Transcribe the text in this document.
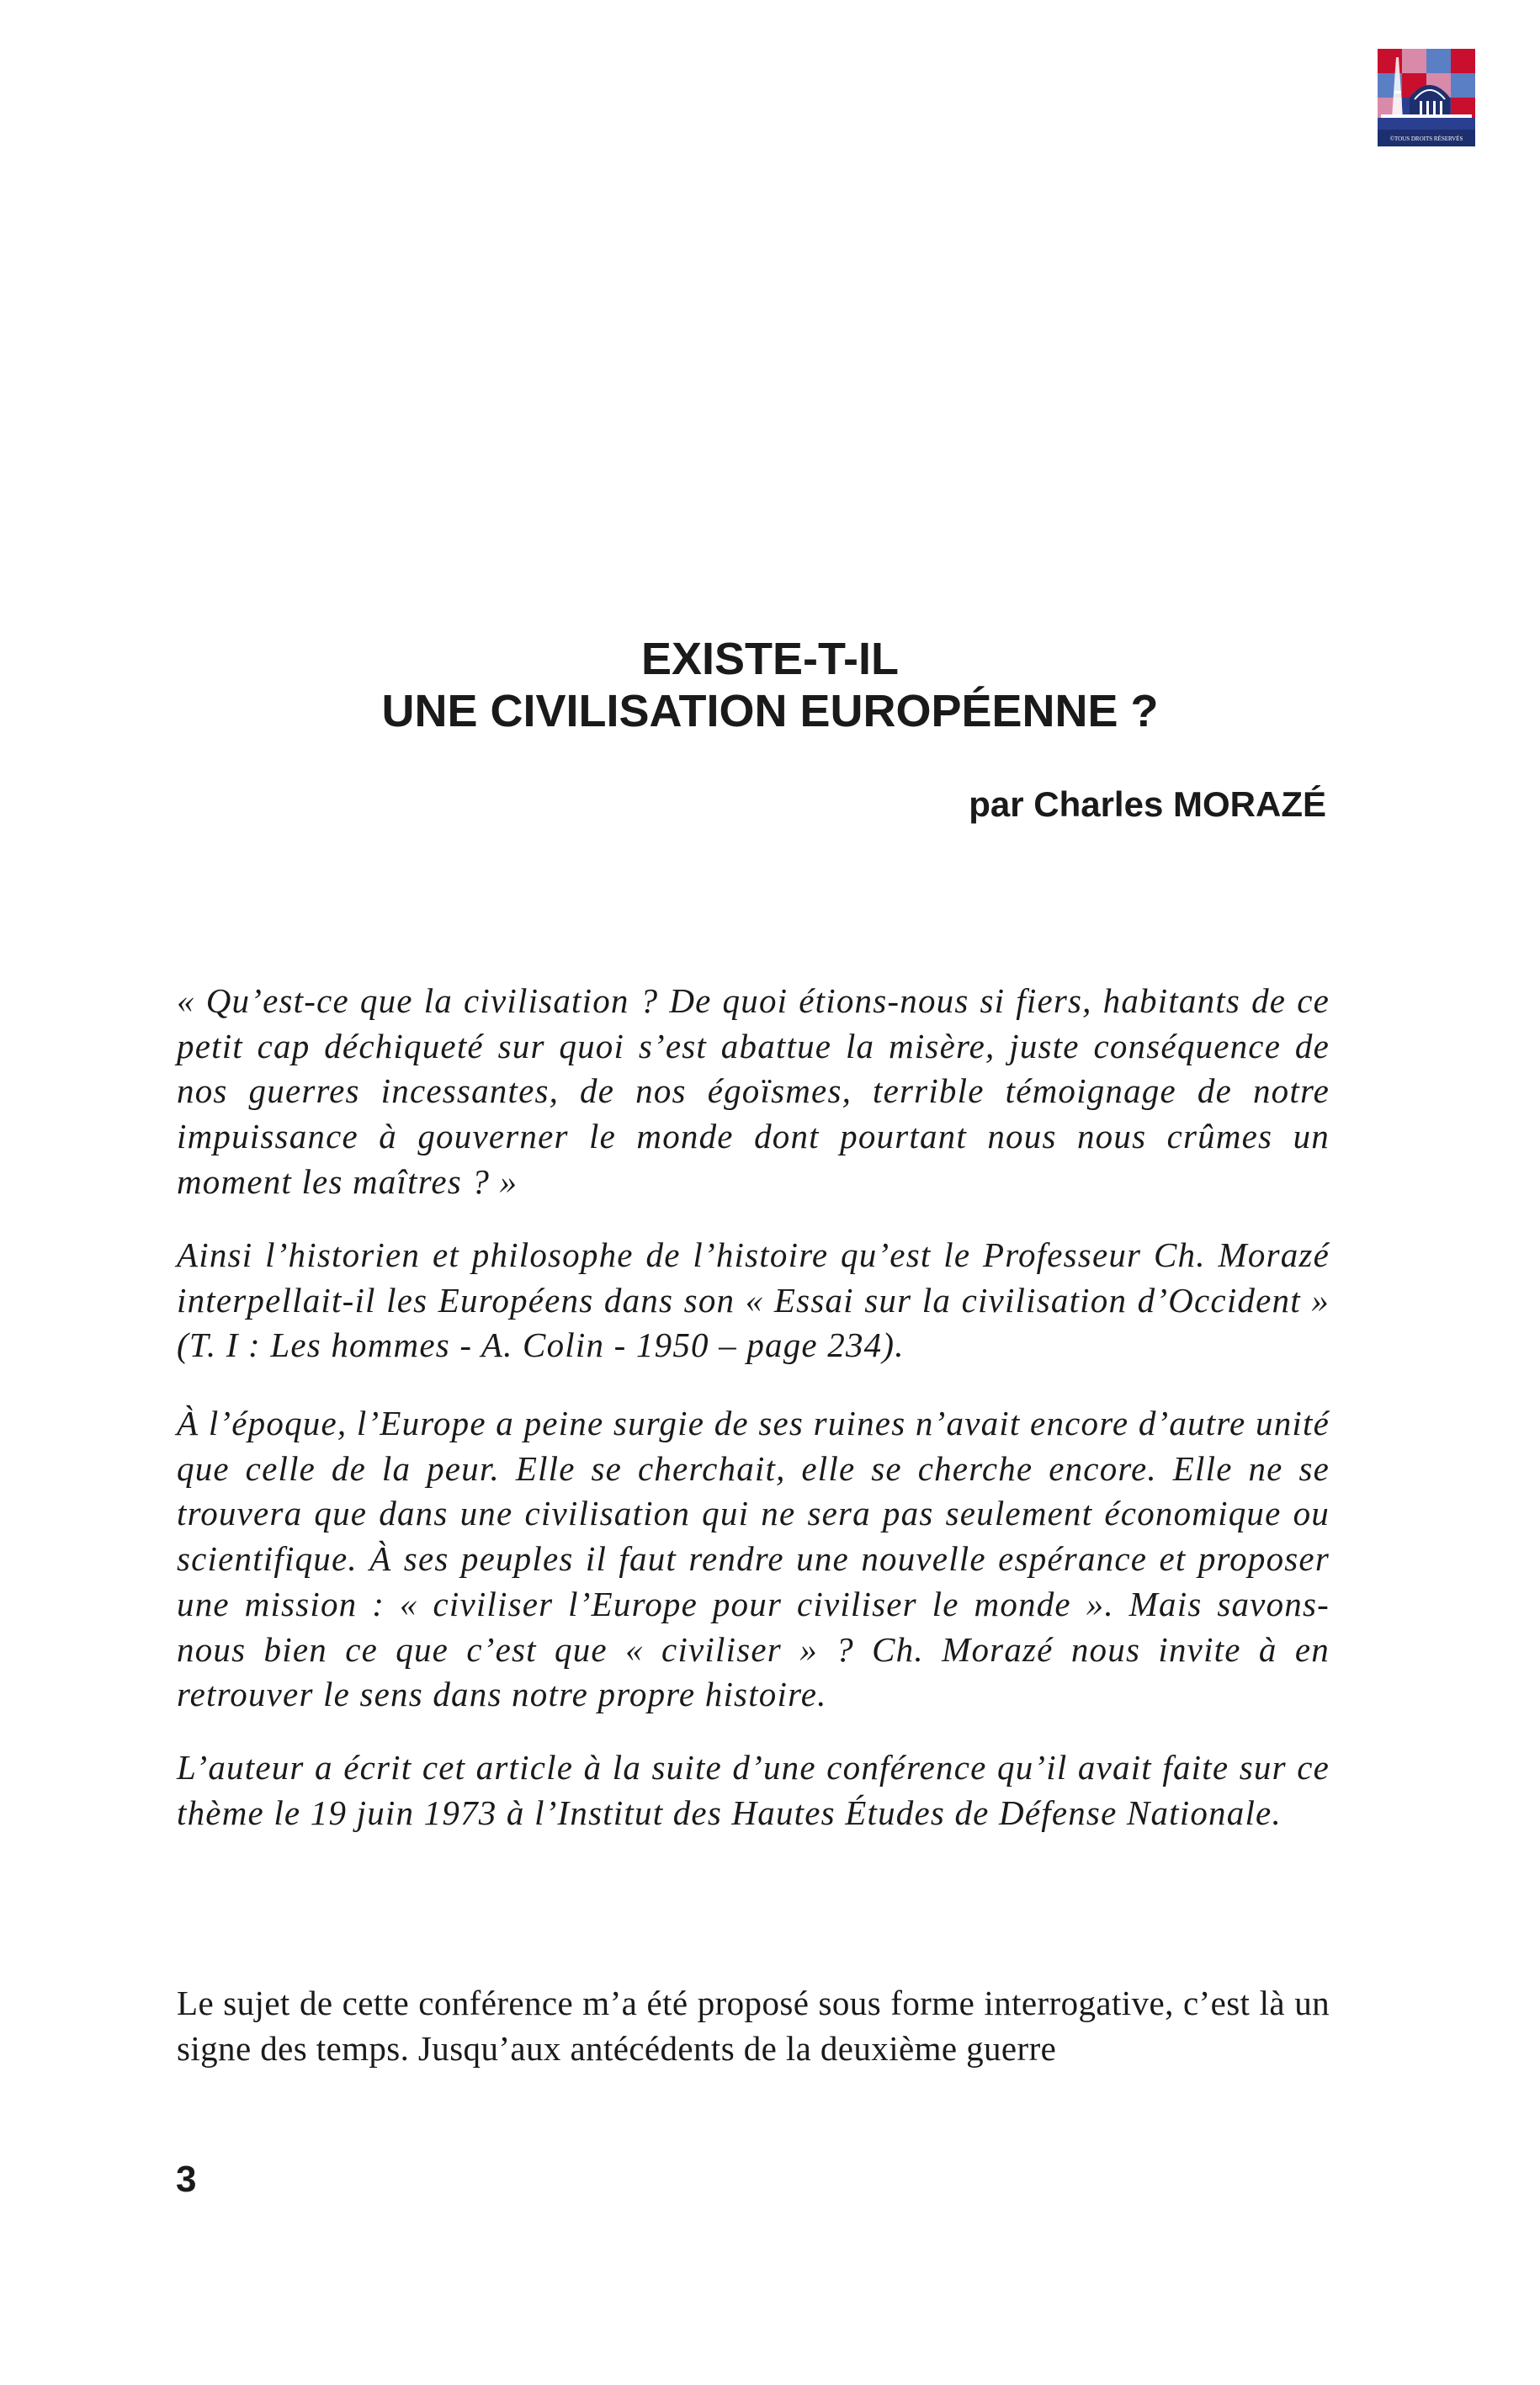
©TOUS DROITS RÉSERVÉS
EXISTE-T-IL
UNE CIVILISATION EUROPÉENNE ?

par Charles MORAZÉ

« Qu’est-ce que la civilisation ? De quoi étions-nous si fiers, habitants de ce petit cap déchiqueté sur quoi s’est abattue la misère, juste conséquence de nos guerres incessantes, de nos égoïsmes, terrible témoignage de notre impuissance à gouverner le monde dont pourtant nous nous crûmes un moment les maîtres ? »

Ainsi l’historien et philosophe de l’histoire qu’est le Professeur Ch. Morazé interpellait-il les Européens dans son « Essai sur la civilisation d’Occident » (T. I : Les hommes - A. Colin - 1950 – page 234).

À l’époque, l’Europe a peine surgie de ses ruines n’avait encore d’autre unité que celle de la peur. Elle se cherchait, elle se cherche encore. Elle ne se trouvera que dans une civilisation qui ne sera pas seulement économique ou scientifique. À ses peuples il faut rendre une nouvelle espérance et proposer une mission : « civiliser l’Europe pour civiliser le monde ». Mais savons-nous bien ce que c’est que « civiliser » ? Ch. Morazé nous invite à en retrouver le sens dans notre propre histoire.

L’auteur a écrit cet article à la suite d’une conférence qu’il avait faite sur ce thème le 19 juin 1973 à l’Institut des Hautes Études de Défense Nationale.

Le sujet de cette conférence m’a été proposé sous forme interrogative, c’est là un signe des temps. Jusqu’aux antécédents de la deuxième guerre

3
